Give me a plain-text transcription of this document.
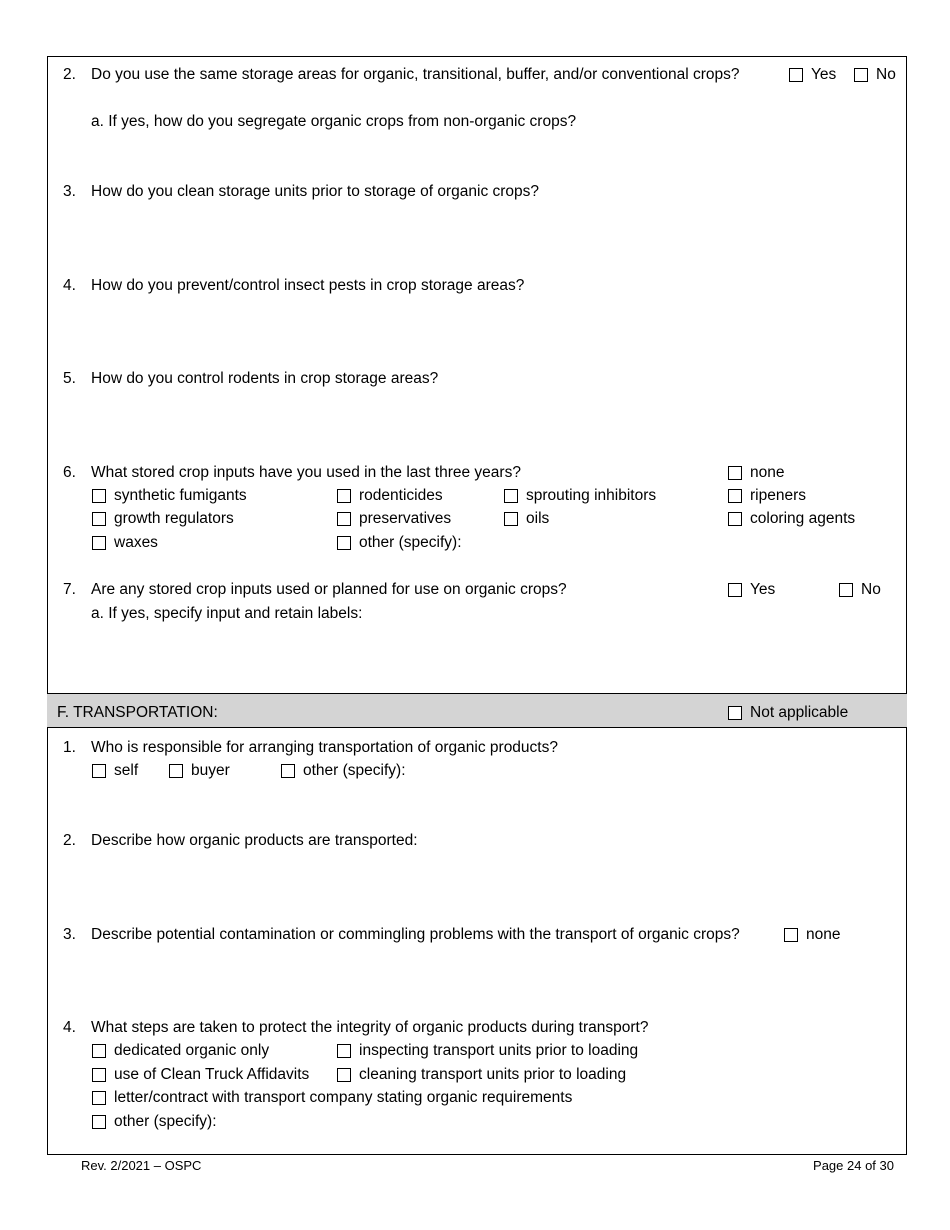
2. Do you use the same storage areas for organic, transitional, buffer, and/or conventional crops?	Yes	No
a. If yes, how do you segregate organic crops from non-organic crops?
3. How do you clean storage units prior to storage of organic crops?
4. How do you prevent/control insect pests in crop storage areas?
5. How do you control rodents in crop storage areas?
6. What stored crop inputs have you used in the last three years?	none
synthetic fumigants	rodenticides	sprouting inhibitors	ripeners
growth regulators	preservatives	oils	coloring agents
waxes	other (specify):
7. Are any stored crop inputs used or planned for use on organic crops?	Yes	No
a. If yes, specify input and retain labels:
F. TRANSPORTATION:	Not applicable
1. Who is responsible for arranging transportation of organic products?
self	buyer	other (specify):
2. Describe how organic products are transported:
3. Describe potential contamination or commingling problems with the transport of organic crops?	none
4. What steps are taken to protect the integrity of organic products during transport?
dedicated organic only	inspecting transport units prior to loading
use of Clean Truck Affidavits	cleaning transport units prior to loading
letter/contract with transport company stating organic requirements
other (specify):
Rev. 2/2021 – OSPC	Page 24 of 30
